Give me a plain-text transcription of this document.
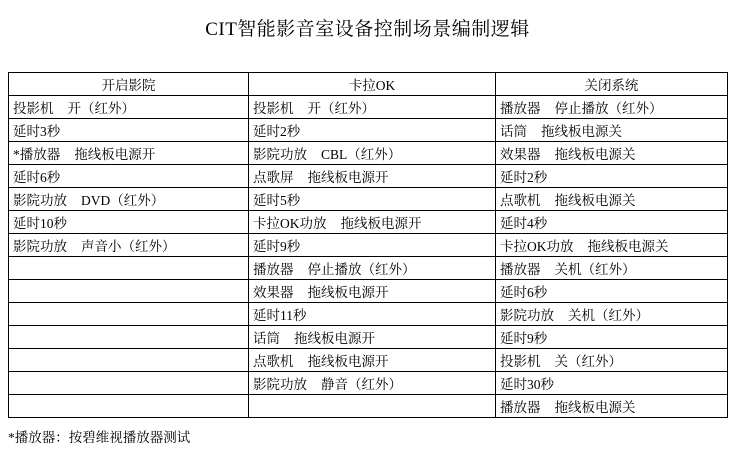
CIT智能影音室设备控制场景编制逻辑
开启影院	卡拉OK	关闭系统

投影机 开（红外）	投影机 开（红外）	播放器 停止播放（红外）

延时3秒	延时2秒	话筒 拖线板电源关

*播放器 拖线板电源开	影院功放 CBL（红外）	效果器 拖线板电源关

延时6秒	点歌屏 拖线板电源开	延时2秒

影院功放 DVD（红外）	延时5秒	点歌机 拖线板电源关

延时10秒	卡拉OK功放 拖线板电源开	延时4秒

影院功放 声音小（红外）	延时9秒	卡拉OK功放 拖线板电源关

	播放器 停止播放（红外）	播放器 关机（红外）

	效果器 拖线板电源开	延时6秒

	延时11秒	影院功放 关机（红外）

	话筒 拖线板电源开	延时9秒

	点歌机 拖线板电源开	投影机 关（红外）

	影院功放 静音（红外）	延时30秒

		播放器 拖线板电源关
*播放器：按碧维视播放器测试
